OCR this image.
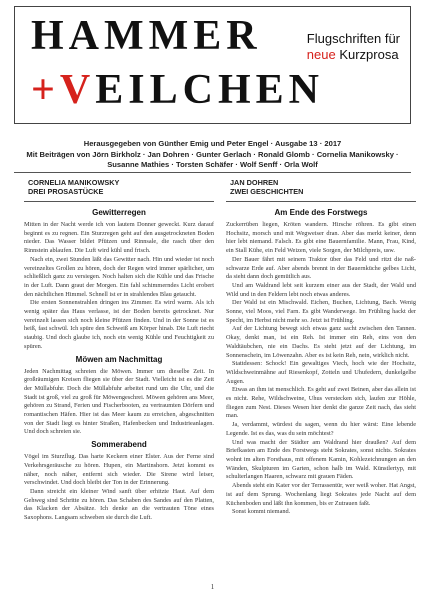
HAMMER
+VEILCHEN
Flugschriften für
neue Kurzprosa
Herausgegeben von Günther Emig und Peter Engel · Ausgabe 13 · 2017
Mit Beiträgen von Jörn Birkholz · Jan Dohren · Gunter Gerlach · Ronald Glomb · Cornelia Manikowsky ·
Susanne Mathies · Torsten Schäfer · Wolf Senff · Orla Wolf
CORNELIA MANIKOWSKY
DREI PROSASTÜCKE
Gewitterregen

Mitten in der Nacht werde ich von lautem Donner geweckt. Kurz darauf beginnt es zu regnen. Ein Sturzregen geht auf den ausgetrockneten Boden nieder. Das Wasser bildet Pfützen und Rinnsale, die rasch über den Rinnstein ablaufen. Die Luft wird kühl und frisch.

Nach ein, zwei Stunden läßt das Gewitter nach. Hin und wieder ist noch vereinzeltes Grollen zu hören, doch der Regen wird immer spärlicher, um schließlich ganz zu versiegen. Noch halten sich die Kühle und das Frische in der Luft. Dann graut der Morgen. Ein fahl schimmerndes Licht erobert den nächtlichen Himmel. Schnell ist er in strahlendes Blau getaucht.

Die ersten Sonnenstrahlen dringen ins Zimmer. Es wird warm. Als ich wenig später das Haus verlasse, ist der Boden bereits getrocknet. Nur vereinzelt lassen sich noch kleine Pfützen finden. Und in der Sonne ist es heiß, fast schwül. Ich spüre den Schweiß am Körper hinab. Die Luft riecht staubig. Und doch glaube ich, noch ein wenig Kühle und Feuchtigkeit zu spüren.

Möwen am Nachmittag

Jeden Nachmittag schreien die Möwen. Immer um dieselbe Zeit. In großräumigen Kreisen fliegen sie über der Stadt. Vielleicht ist es die Zeit der Müllabfuhr. Doch die Müllabfuhr arbeitet rund um die Uhr, und die Stadt ist groß, viel zu groß für Möwengeschrei. Möwen gehören ans Meer, gehören zu Strand, Ferien und Fischerbooten, zu vertraumten Dörfern und romantischen Häfen. Hier ist das Meer kaum zu erreichen, abgeschnitten von der Stadt liegt es hinter Straßen, Hafenbecken und Industrieanlagen. Und doch schreien sie.

Sommerabend

Vögel im Sturzflug. Das harte Keckern einer Elster. Aus der Ferne sind Verkehrsgeräusche zu hören. Hupen, ein Martinshorn. Jetzt kommt es näher, noch näher, entfernt sich wieder. Die Sirene wird leiser, verschwindet. Und doch bleibt der Ton in der Erinnerung.

Dann streicht ein kleiner Wind sanft über erhitzte Haut. Auf dem Gehweg sind Schritte zu hören. Das Schaben des Sandes auf den Platten, das Klacken der Absätze. Ich denke an die vertrauten Töne eines Saxophons. Langsam schweben sie durch die Luft.

JAN DOHREN
ZWEI GESCHICHTEN
Am Ende des Forstwegs

Zuckerrüben liegen, Kröten wandern. Hirsche röhren. Es gibt einen Hochsitz, morsch und mit Wegweiser dran. Aber das merkt keiner, denn hier lebt niemand. Falsch. Es gibt eine Bauernfamilie. Mann, Frau, Kind, ein Stall Kühe, ein Feld Weizen, viele Sorgen, der Milchpreis, usw.

Der Bauer fährt mit seinem Traktor über das Feld und ritzt die naß-schwarze Erde auf. Aber abends brennt in der Bauernküche gelbes Licht, da sieht dann doch gemütlich aus.

Und am Waldrand lebt seit kurzem einer aus der Stadt, der Wald und Wild und in den Feldern lebt noch etwas anderes.

Der Wald ist ein Mischwald. Eichen, Buchen, Lichtung, Bach. Wenig Sonne, viel Moos, viel Farn. Es gibt Wanderwege. Im Frühling hackt der Specht, im Herbst nicht mehr so. Jetzt ist Frühling.

Auf der Lichtung bewegt sich etwas ganz sacht zwischen den Tannen. Okay, denkt man, ist ein Reh. Ist immer ein Reh, eins von den Waldtäubchen, nie ein Dachs. Es steht jetzt auf der Lichtung, im Sonnenschein, im Löwenzahn. Aber es ist kein Reh, nein, wirklich nicht.

Stattdessen: Schock! Ein gewaltiges Viech, hoch wie der Hochsitz, Wildschweinmähne auf Riesenkopf, Zotteln und Uhufedern, dunkelgelbe Augen.

Etwas an ihm ist menschlich. Es geht auf zwei Beinen, aber das allein ist es nicht. Rehe, Wildschweine, Uhus verstecken sich, laufen zur Höhle, fliegen zum Nest. Dieses Wesen hier denkt die ganze Zeit nach, das sieht man.

Ja, verdammt, würdest du sagen, wenn du hier wärst: Eine lebende Legende. Ist es das, was du sein möchtest?

Und was macht der Städter am Waldrand hier draußen? Auf dem Briefkasten am Ende des Forstwegs steht Sokrates, sonst nichts. Sokrates wohnt im alten Forsthaus, mit offenem Kamin, Kohlezeichnungen an den Wänden, Skulpturen im Garten, schon halb im Wald. Künstlertyp, mit schulterlangen Haaren, schwarz mit grauen Fäden.

Abends steht ein Kater vor der Terrassentür, wer weiß woher. Hat Angst, ist auf dem Sprung. Wochenlang liegt Sokrates jede Nacht auf dem Küchenboden und läßt ihn kommen, bis er Zutrauen faßt.

Sonst kommt niemand.

1
